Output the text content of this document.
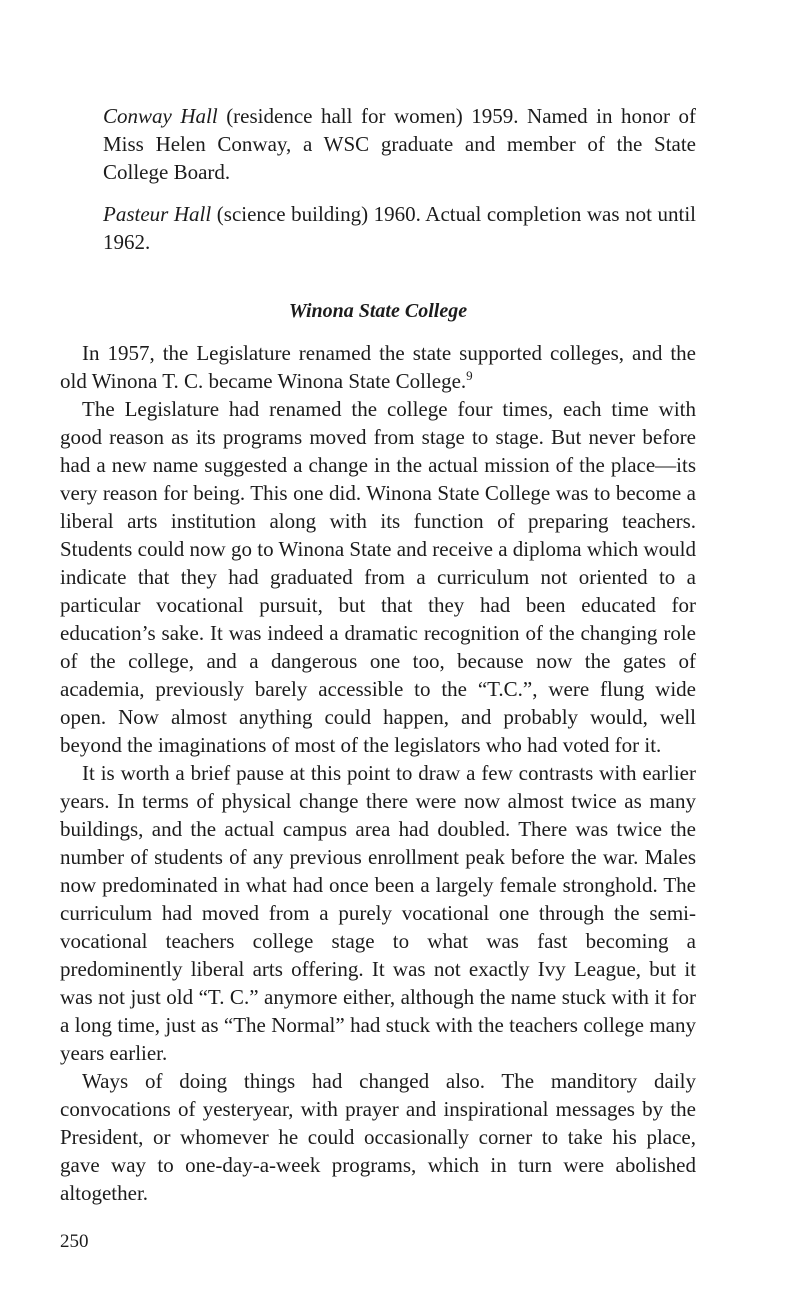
Conway Hall (residence hall for women) 1959. Named in honor of Miss Helen Conway, a WSC graduate and member of the State College Board.

Pasteur Hall (science building) 1960. Actual completion was not until 1962.

Winona State College

In 1957, the Legislature renamed the state supported colleges, and the old Winona T. C. became Winona State College.$^9$

The Legislature had renamed the college four times, each time with good reason as its programs moved from stage to stage. But never before had a new name suggested a change in the actual mission of the place—its very reason for being. This one did. Winona State College was to become a liberal arts institution along with its function of preparing teachers. Students could now go to Winona State and receive a diploma which would indicate that they had graduated from a curriculum not oriented to a particular vocational pursuit, but that they had been educated for education’s sake. It was indeed a dramatic recognition of the changing role of the college, and a dangerous one too, because now the gates of academia, previously barely accessible to the “T.C.”, were flung wide open. Now almost anything could happen, and probably would, well beyond the imaginations of most of the legislators who had voted for it.

It is worth a brief pause at this point to draw a few contrasts with earlier years. In terms of physical change there were now almost twice as many buildings, and the actual campus area had doubled. There was twice the number of students of any previous enrollment peak before the war. Males now predominated in what had once been a largely female stronghold. The curriculum had moved from a purely vocational one through the semi-vocational teachers college stage to what was fast becoming a predominently liberal arts offering. It was not exactly Ivy League, but it was not just old “T. C.” anymore either, although the name stuck with it for a long time, just as “The Normal” had stuck with the teachers college many years earlier.

Ways of doing things had changed also. The manditory daily convocations of yesteryear, with prayer and inspirational messages by the President, or whomever he could occasionally corner to take his place, gave way to one-day-a-week programs, which in turn were abolished altogether.

250
